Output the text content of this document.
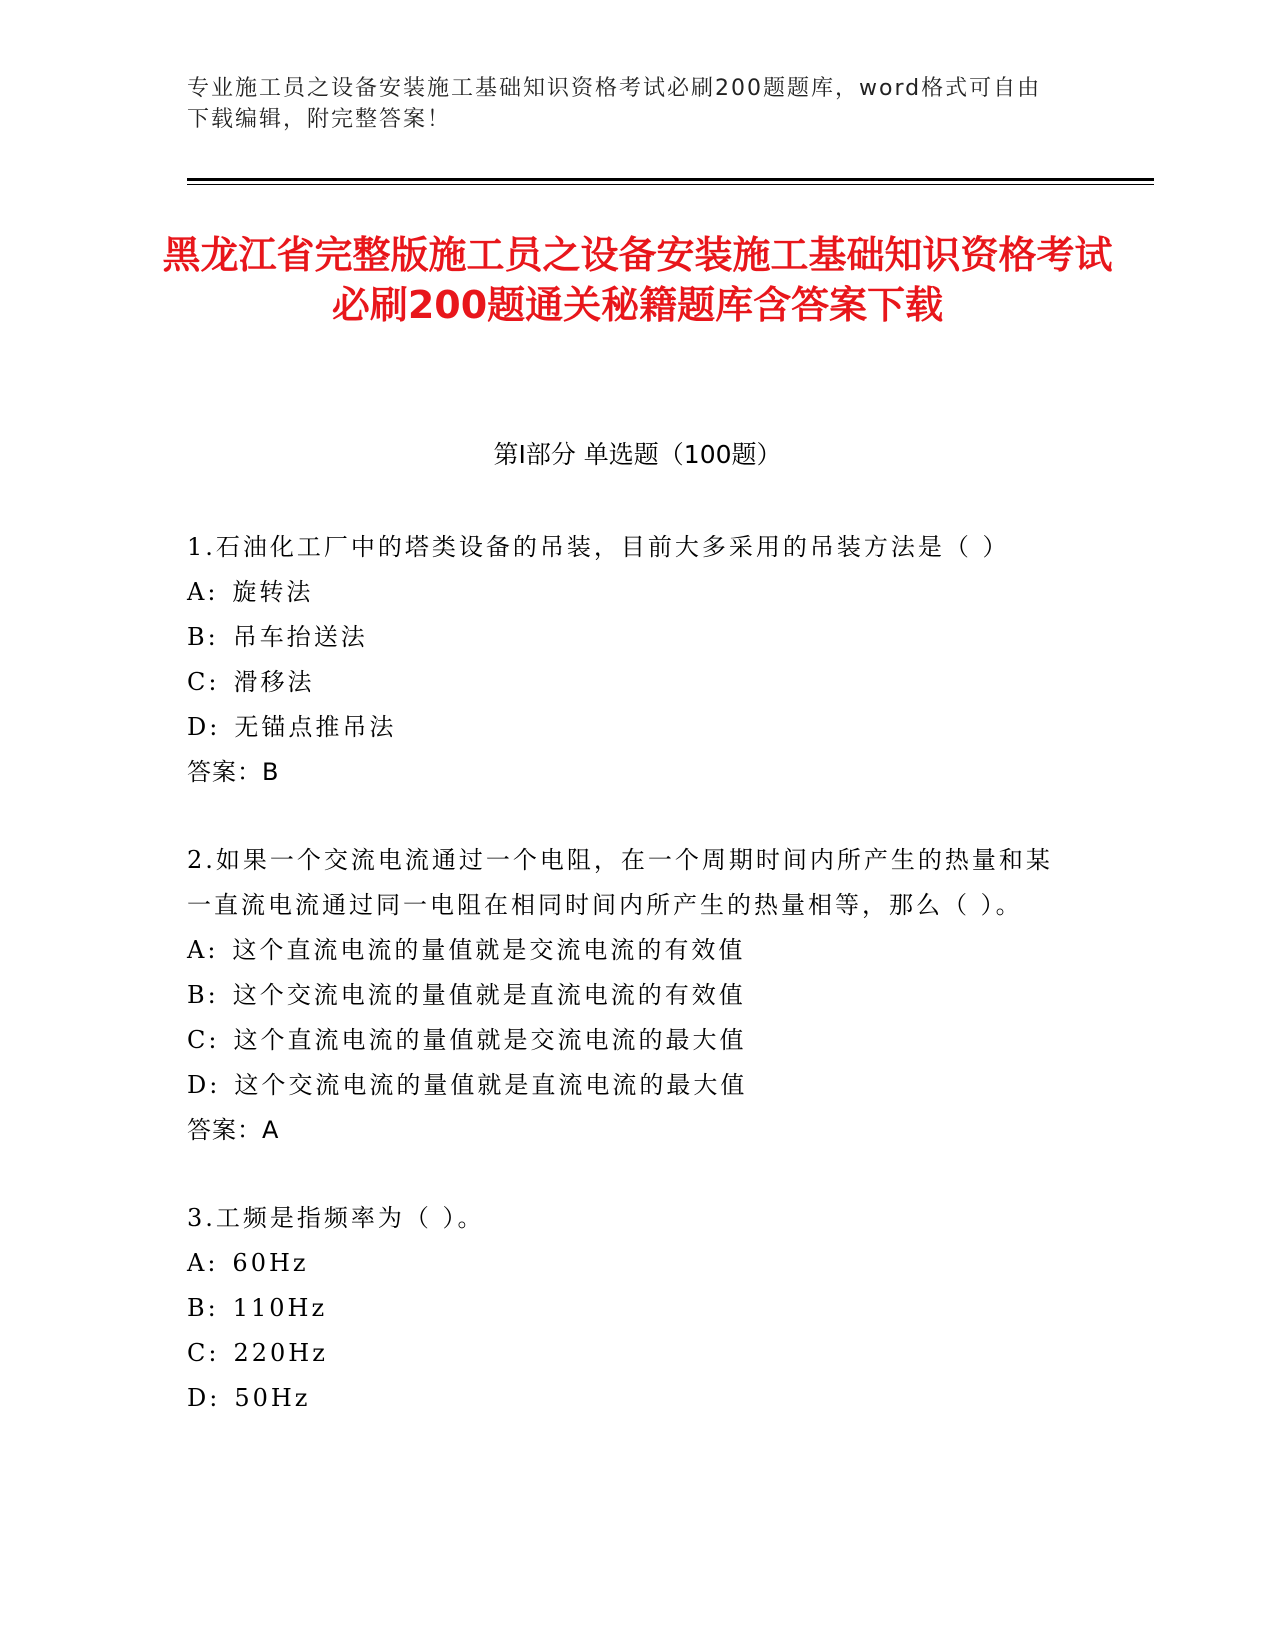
专业施工员之设备安装施工基础知识资格考试必刷200题题库，word格式可自由下载编辑，附完整答案！
黑龙江省完整版施工员之设备安装施工基础知识资格考试必刷200题通关秘籍题库含答案下载
第Ⅰ部分 单选题（100题）
1.石油化工厂中的塔类设备的吊装，目前大多采用的吊装方法是（ ）
A: 旋转法
B: 吊车抬送法
C: 滑移法
D: 无锚点推吊法
答案：B
2.如果一个交流电流通过一个电阻，在一个周期时间内所产生的热量和某一直流电流通过同一电阻在相同时间内所产生的热量相等，那么（ ）。
A: 这个直流电流的量值就是交流电流的有效值
B: 这个交流电流的量值就是直流电流的有效值
C: 这个直流电流的量值就是交流电流的最大值
D: 这个交流电流的量值就是直流电流的最大值
答案：A
3.工频是指频率为（ ）。
A: 60Hz
B: 110Hz
C: 220Hz
D: 50Hz
